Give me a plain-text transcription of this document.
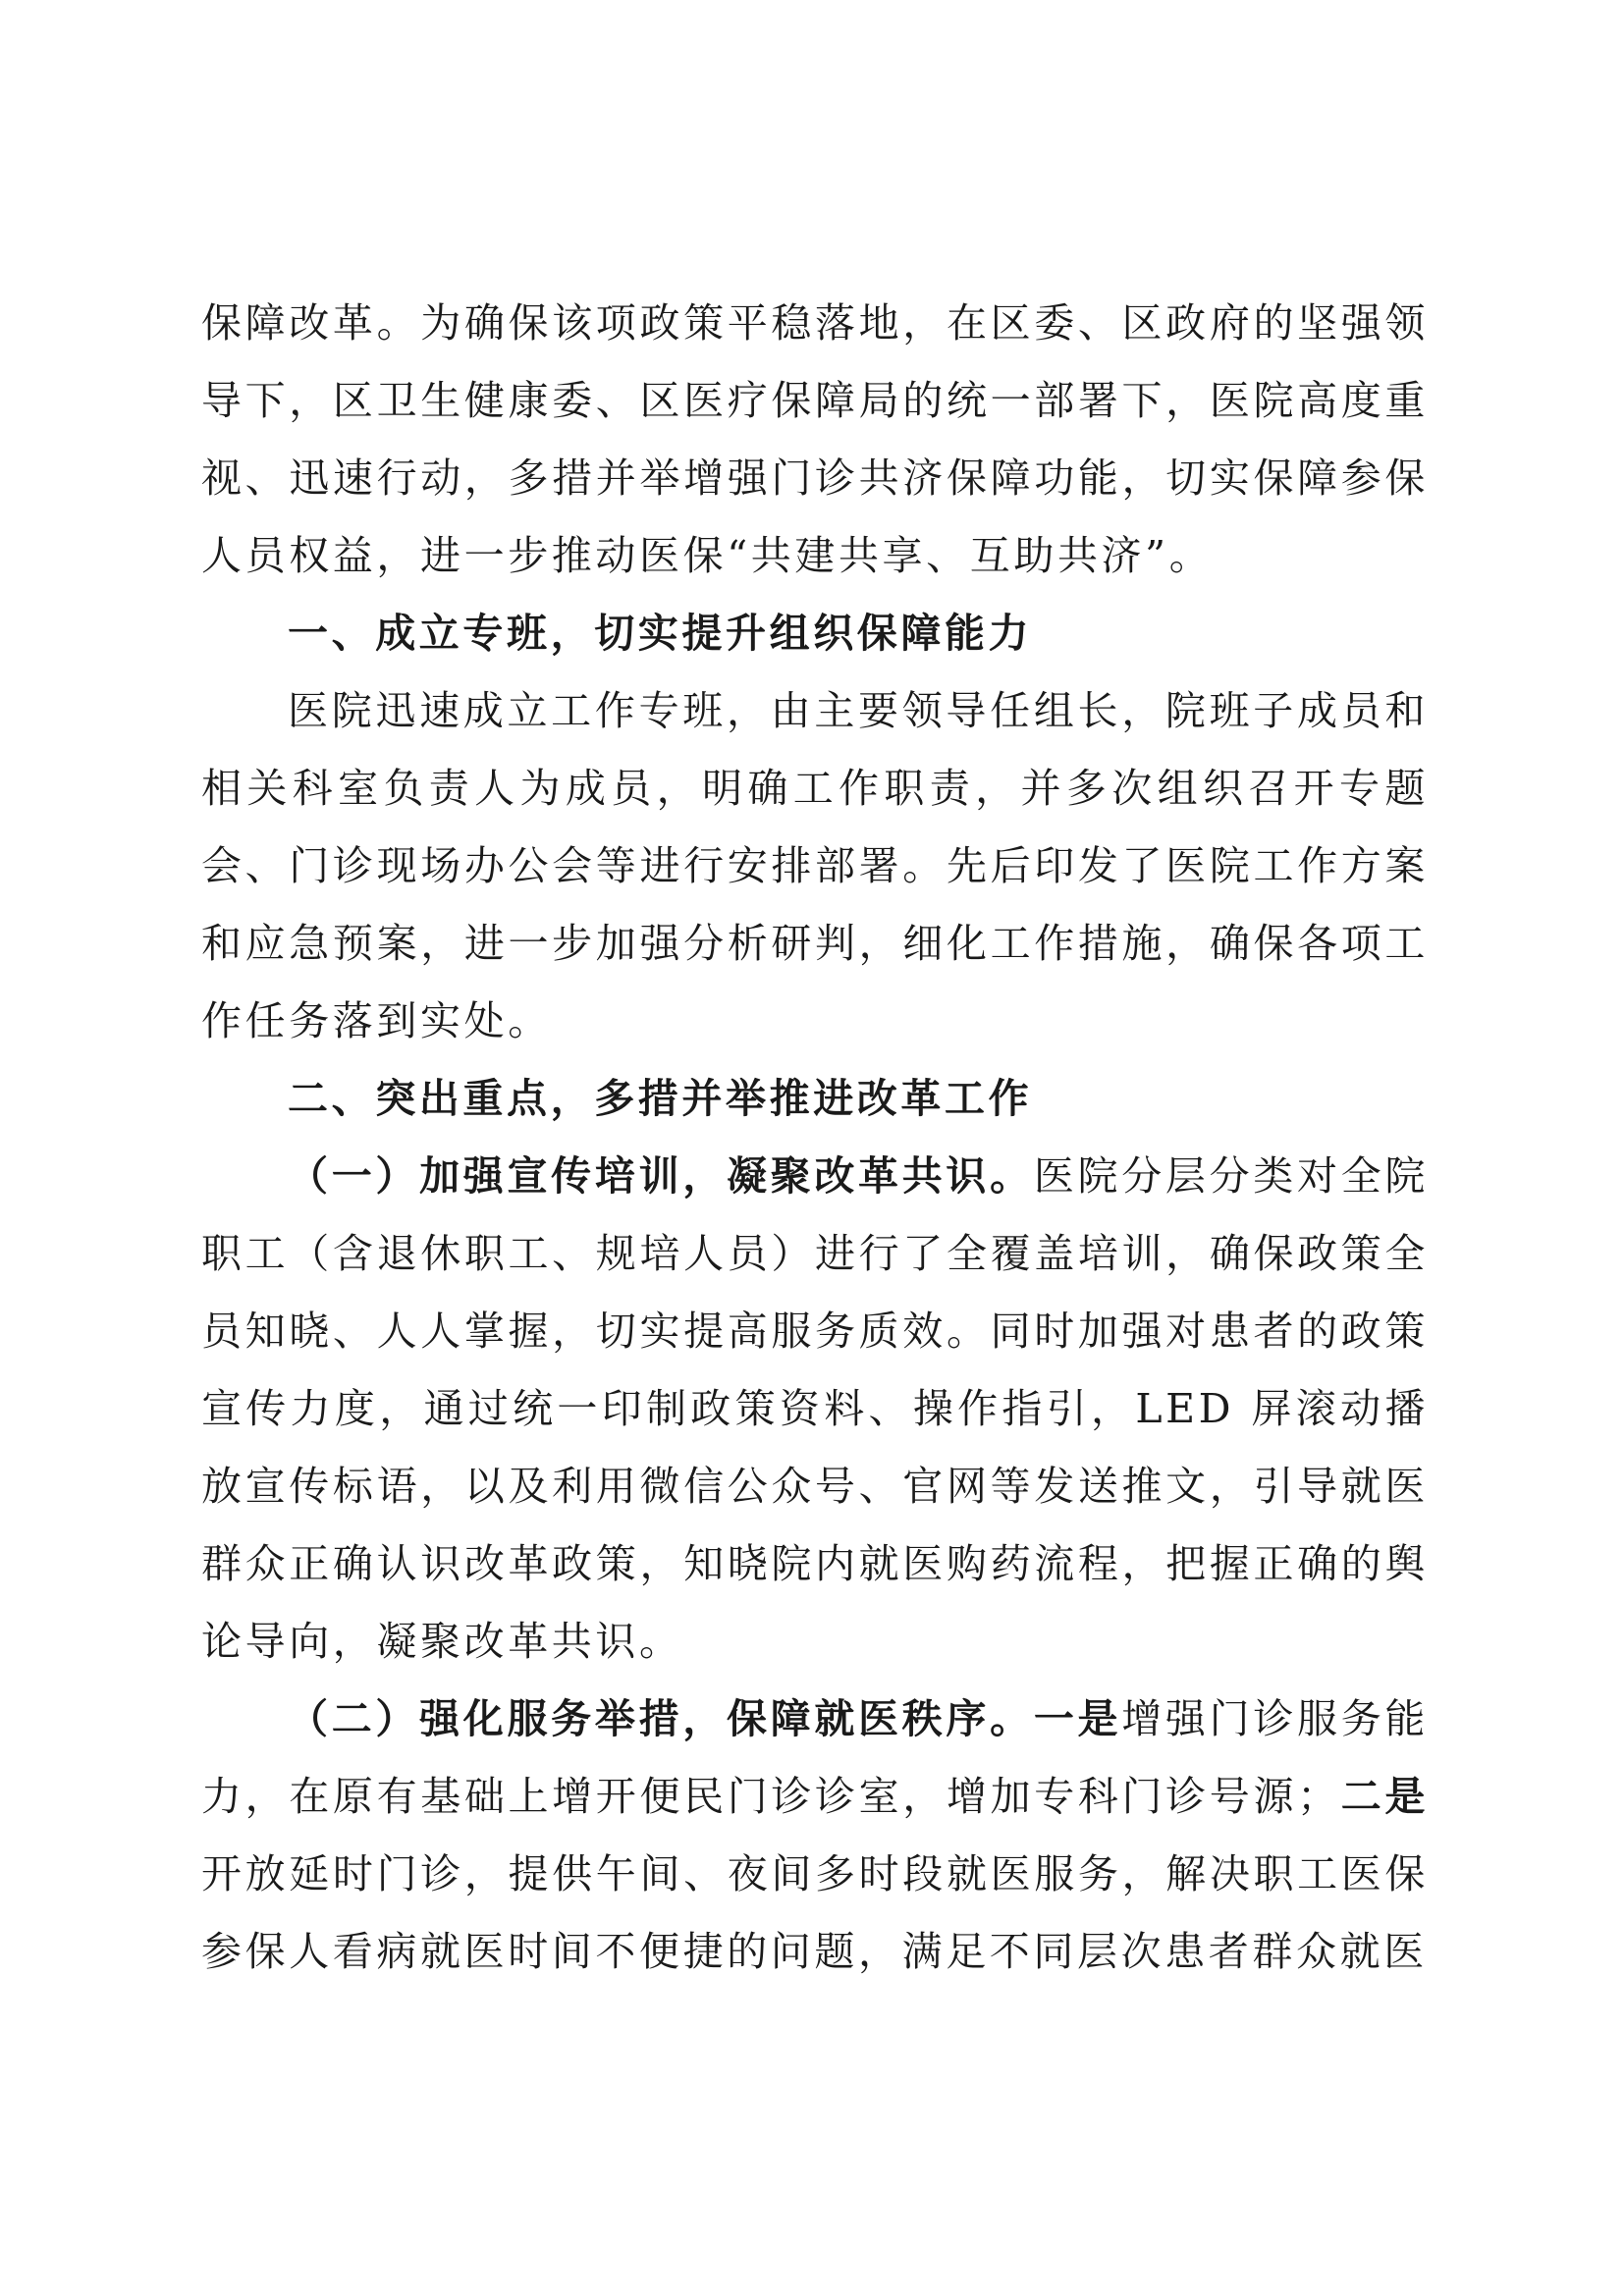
保障改革。为确保该项政策平稳落地，在区委、区政府的坚强领导下，区卫生健康委、区医疗保障局的统一部署下，医院高度重视、迅速行动，多措并举增强门诊共济保障功能，切实保障参保人员权益，进一步推动医保“共建共享、互助共济”。

一、成立专班，切实提升组织保障能力

医院迅速成立工作专班，由主要领导任组长，院班子成员和相关科室负责人为成员，明确工作职责，并多次组织召开专题会、门诊现场办公会等进行安排部署。先后印发了医院工作方案和应急预案，进一步加强分析研判，细化工作措施，确保各项工作任务落到实处。

二、突出重点，多措并举推进改革工作

（一）加强宣传培训，凝聚改革共识。医院分层分类对全院职工（含退休职工、规培人员）进行了全覆盖培训，确保政策全员知晓、人人掌握，切实提高服务质效。同时加强对患者的政策宣传力度，通过统一印制政策资料、操作指引，LED 屏滚动播放宣传标语，以及利用微信公众号、官网等发送推文，引导就医群众正确认识改革政策，知晓院内就医购药流程，把握正确的舆论导向，凝聚改革共识。

（二）强化服务举措，保障就医秩序。一是增强门诊服务能力，在原有基础上增开便民门诊诊室，增加专科门诊号源；二是开放延时门诊，提供午间、夜间多时段就医服务，解决职工医保参保人看病就医时间不便捷的问题，满足不同层次患者群众就医
